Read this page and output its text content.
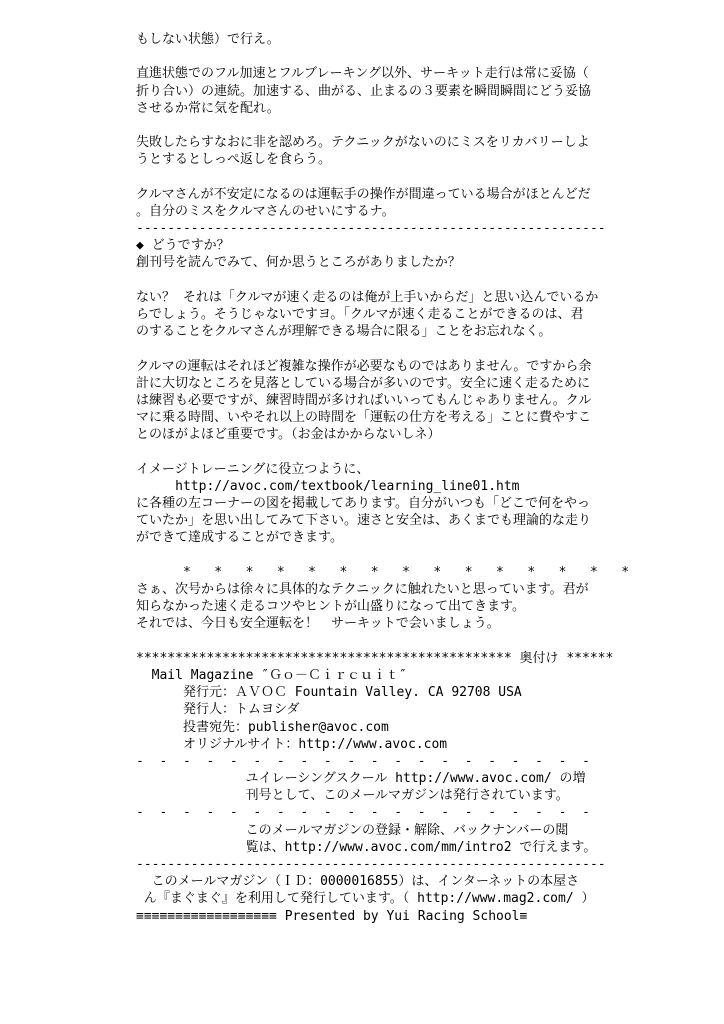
もしない状態）で行え。

直進状態でのフル加速とフルブレーキング以外、サーキット走行は常に妥協（
折り合い）の連続。加速する、曲がる、止まるの３要素を瞬間瞬間にどう妥協
させるか常に気を配れ。

失敗したらすなおに非を認めろ。テクニックがないのにミスをリカバリーしよ
うとするとしっぺ返しを食らう。

クルマさんが不安定になるのは運転手の操作が間違っている場合がほとんどだ
。自分のミスをクルマさんのせいにするナ。
------------------------------------------------------------
◆ どうですか？
創刊号を読んでみて、何か思うところがありましたか？

ない？ それは「クルマが速く走るのは俺が上手いからだ」と思い込んでいるか
らでしょう。そうじゃないですヨ。「クルマが速く走ることができるのは、君
のすることをクルマさんが理解できる場合に限る」ことをお忘れなく。

クルマの運転はそれほど複雑な操作が必要なものではありません。ですから余
計に大切なところを見落としている場合が多いのです。安全に速く走るために
は練習も必要ですが、練習時間が多ければいいってもんじゃありません。クル
マに乗る時間、いやそれ以上の時間を「運転の仕方を考える」ことに費やすこ
とのほがよほど重要です。（お金はかからないしネ）

イメージトレーニングに役立つように、
http://avoc.com/textbook/learning_line01.htm
に各種の左コーナーの図を掲載してあります。自分がいつも「どこで何をやっ
ていたか」を思い出してみて下さい。速さと安全は、あくまでも理論的な走り
ができて達成することができます。

*   *   *   *   *   *   *   *   *   *   *   *   *   *   *
さぁ、次号からは徐々に具体的なテクニックに触れたいと思っています。君が
知らなかった速く走るコツやヒントが山盛りになって出てきます。
それでは、今日も安全運転を！　サーキットで会いましょう。

************************************************ 奥付け ******
Mail Magazine ″Ｇｏ－Ｃｉｒｃｕｉｔ″
発行元：ＡＶＯＣ Fountain Valley. CA 92708 USA
発行人：トムヨシダ
投書宛先：publisher@avoc.com
オリジナルサイト：http://www.avoc.com
-  -  -  -  -  -  -  -  -  -  -  -  -  -  -  -  -  -  -  -
ユイレーシングスクール http://www.avoc.com/ の増
刊号として、このメールマガジンは発行されています。
-  -  -  -  -  -  -  -  -  -  -  -  -  -  -  -  -  -  -  -
このメールマガジンの登録・解除、バックナンバーの閲
覧は、http://www.avoc.com/mm/intro2 で行えます。
------------------------------------------------------------
このメールマガジン（ＩＤ：0000016855）は、インターネットの本屋さ
ん『まぐまぐ』を利用して発行しています。（ http://www.mag2.com/ ）
≡≡≡≡≡≡≡≡≡≡≡≡≡≡≡≡≡≡ Presented by Yui Racing School≡
